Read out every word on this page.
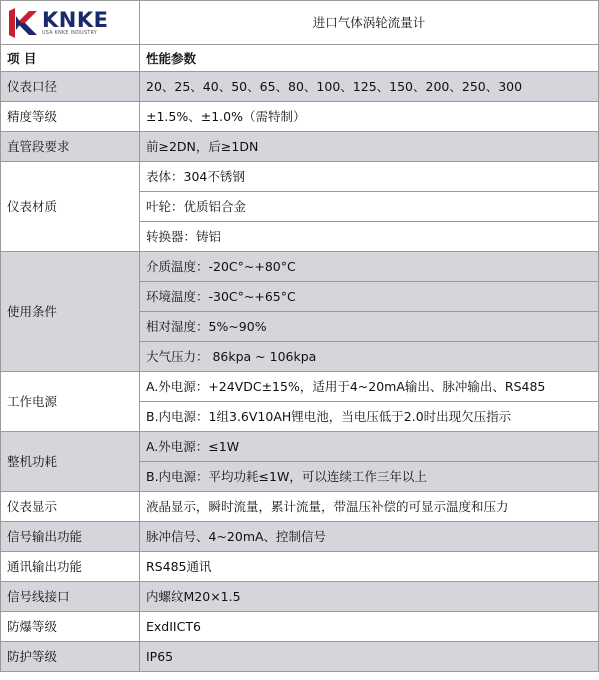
KNKE
USA KNKE INDUSTRY	进口气体涡轮流量计
项 目	性能参数
仪表口径	20、25、40、50、65、80、100、125、150、200、250、300
精度等级	±1.5%、±1.0%（需特制）
直管段要求	前≥2DN，后≥1DN
仪表材质	表体：304不锈钢
	叶轮：优质铝合金
	转换器：铸铝
使用条件	介质温度：-20C°~+80°C
	环境温度：-30C°~+65°C
	相对湿度：5%~90%
	大气压力： 86kpa ~ 106kpa
工作电源	A.外电源：+24VDC±15%，适用于4~20mA输出、脉冲输出、RS485
	B.内电源：1组3.6V10AH锂电池，当电压低于2.0时出现欠压指示
整机功耗	A.外电源：≤1W
	B.内电源：平均功耗≤1W，可以连续工作三年以上
仪表显示	液晶显示，瞬时流量，累计流量，带温压补偿的可显示温度和压力
信号输出功能	脉冲信号、4~20mA、控制信号
通讯输出功能	RS485通讯
信号线接口	内螺纹M20×1.5
防爆等级	ExdIICT6
防护等级	IP65
